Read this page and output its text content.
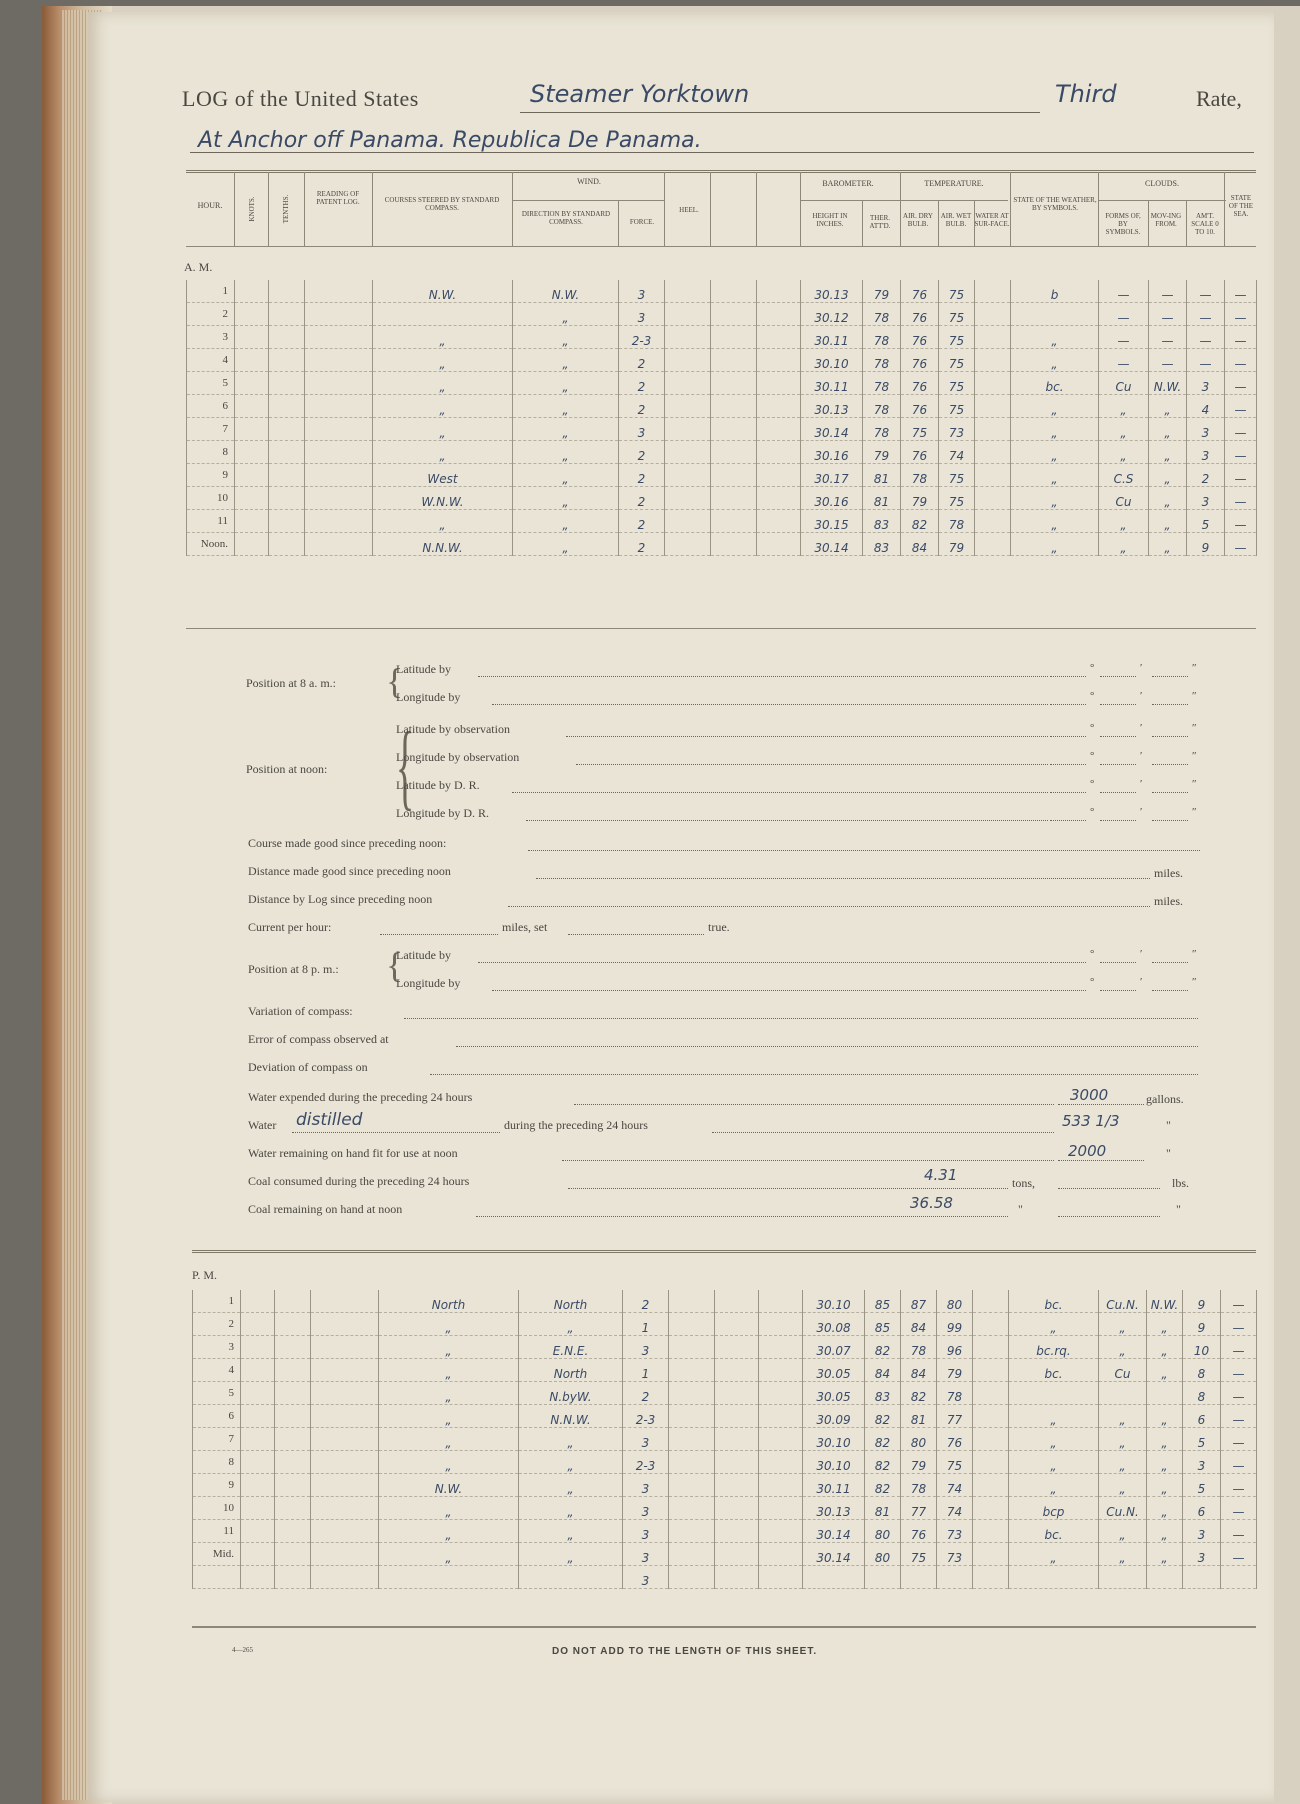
LOG of the United States	Steamer Yorktown	Third	Rate,
At Anchor off Panama. Republica De Panama.
HOUR.	KNOTS.	TENTHS.
READING OF PATENT LOG.	COURSES STEERED BY STANDARD COMPASS.
WIND.
DIRECTION BY STANDARD COMPASS.	FORCE.
HEEL.
BAROMETER.
HEIGHT IN INCHES.
THER. ATT'D.
TEMPERATURE.
AIR. DRY BULB.
AIR. WET BULB.
WATER AT SUR-FACE.
STATE OF THE WEATHER, BY SYMBOLS.
CLOUDS.
FORMS OF, BY SYMBOLS.
MOV-ING FROM.
AM'T. SCALE 0 TO 10.
STATE OF THE SEA.
A. M.
1				N.W.	N.W.	3				30.13	79	76	75		b	—	—	—	—
2					„	3				30.12	78	76	75			—	—	—	—
3				„	„	2-3				30.11	78	76	75		„	—	—	—	—
4				„	„	2				30.10	78	76	75		„	—	—	—	—
5				„	„	2				30.11	78	76	75		bc.	Cu	N.W.	3	—
6				„	„	2				30.13	78	76	75		„	„	„	4	—
7				„	„	3				30.14	78	75	73		„	„	„	3	—
8				„	„	2				30.16	79	76	74		„	„	„	3	—
9				West	„	2				30.17	81	78	75		„	C.S	„	2	—
10				W.N.W.	„	2				30.16	81	79	75		„	Cu	„	3	—
11				„	„	2				30.15	83	82	78		„	„	„	5	—
Noon.				N.N.W.	„	2				30.14	83	84	79		„	„	„	9	—
Position at 8 a. m.: {
Latitude by
Longitude by
Position at noon: {
Latitude by observation
Longitude by observation
Latitude by D. R.
Longitude by D. R.
°	′	″
°	′	″
°	′	″
°	′	″
°	′	″
°	′	″
°	′	″
°	′	″
Course made good since preceding noon:
Distance made good since preceding noon	miles.
Distance by Log since preceding noon	miles.
Current per hour:	miles, set	true.
Position at 8 p. m.: {
Latitude by
Longitude by
Variation of compass:
Error of compass observed at
Deviation of compass on
Water expended during the preceding 24 hours	3000	gallons.
Water distilled	during the preceding 24 hours	533 1/3	"
Water remaining on hand fit for use at noon	2000	"
Coal consumed during the preceding 24 hours	4.31	tons,	lbs.
Coal remaining on hand at noon	36.58	"	"
P. M.
1				North	North	2				30.10	85	87	80		bc.	Cu.N.	N.W.	9	—
2				„	„	1				30.08	85	84	99		„	„	„	9	—
3				„	E.N.E.	3				30.07	82	78	96		bc.rq.	„	„	10	—
4				„	North	1				30.05	84	84	79		bc.	Cu	„	8	—
5				„	N.byW.	2				30.05	83	82	78					8	—
6				„	N.N.W.	2-3				30.09	82	81	77		„	„	„	6	—
7				„	„	3				30.10	82	80	76		„	„	„	5	—
8				„	„	2-3				30.10	82	79	75		„	„	„	3	—
9				N.W.	„	3				30.11	82	78	74		„	„	„	5	—
10				„	„	3				30.13	81	77	74		bcp	Cu.N.	„	6	—
11				„	„	3				30.14	80	76	73		bc.	„	„	3	—
Mid.				„	„	3				30.14	80	75	73		„	„	„	3	—
						3													
4—265	DO NOT ADD TO THE LENGTH OF THIS SHEET.
